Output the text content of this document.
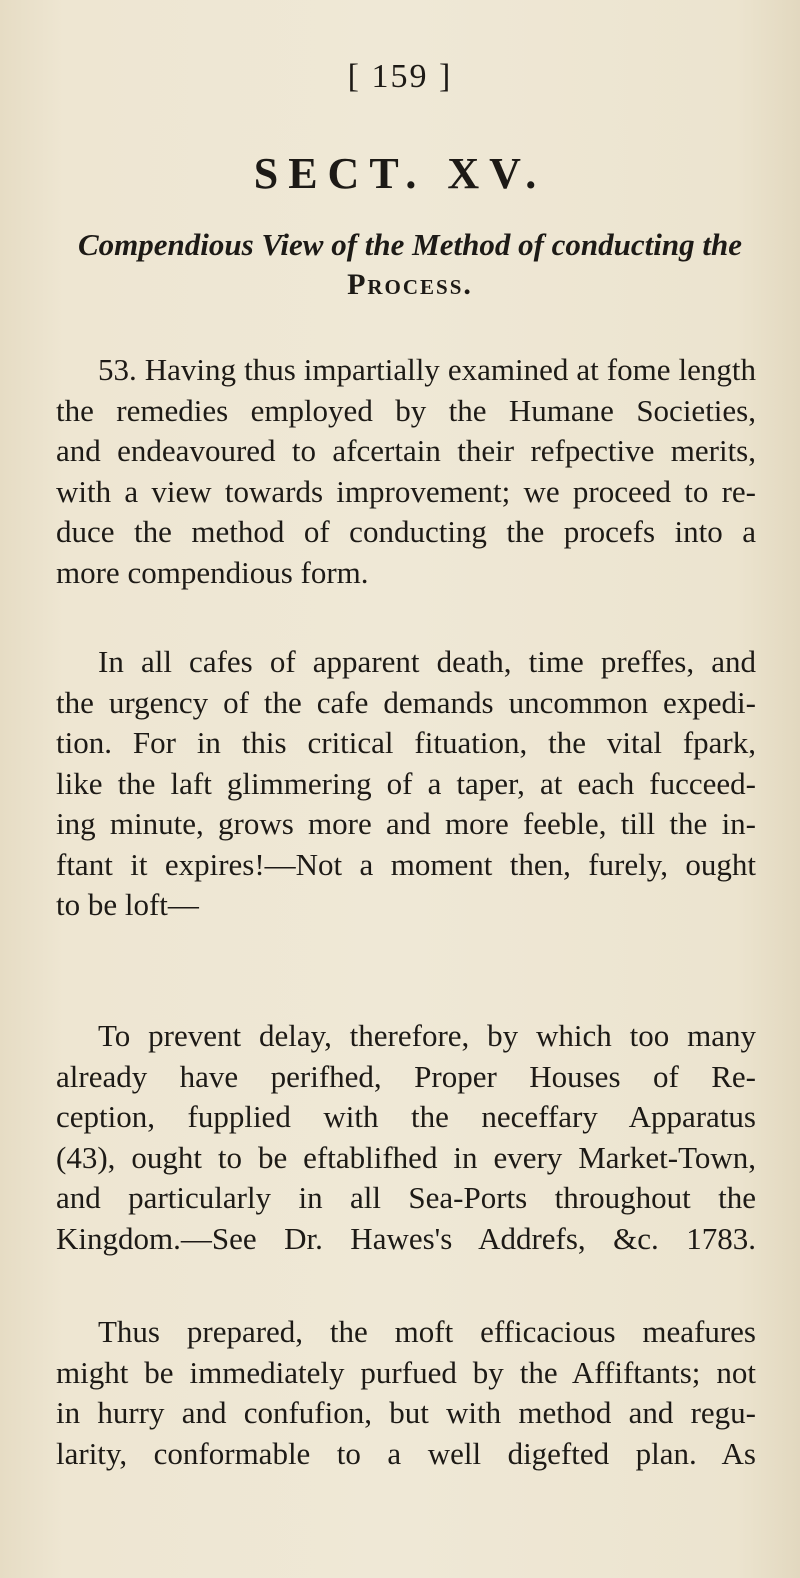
[ 159 ]
SECT. XV.
Compendious View of the Method of conducting the
Process.
53. Having thus impartially examined at fome length
the remedies employed by the Humane Societies,
and endeavoured to afcertain their refpective merits,
with a view towards improvement; we proceed to re-
duce the method of conducting the procefs into a
more compendious form.
In all cafes of apparent death, time preffes, and
the urgency of the cafe demands uncommon expedi-
tion. For in this critical fituation, the vital fpark,
like the laft glimmering of a taper, at each fucceed-
ing minute, grows more and more feeble, till the in-
ftant it expires!—Not a moment then, furely, ought
to be loft—
To prevent delay, therefore, by which too many
already have perifhed, Proper Houses of Re-
ception, fupplied with the neceffary Apparatus
(43), ought to be eftablifhed in every Market-Town,
and particularly in all Sea-Ports throughout the
Kingdom.—See Dr. Hawes's Addrefs, &c. 1783.
Thus prepared, the moft efficacious meafures
might be immediately purfued by the Affiftants; not
in hurry and confufion, but with method and regu-
larity, conformable to a well digefted plan. As
